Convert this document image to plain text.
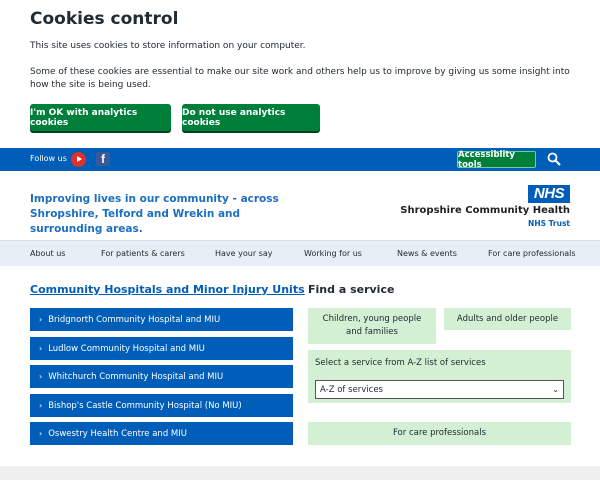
Cookies control
This site uses cookies to store information on your computer.
Some of these cookies are essential to make our site work and others help us to improve by giving us some insight into how the site is being used.
I'm OK with analytics cookies
Do not use analytics cookies
Follow us	f	Accessiblity tools
Improving lives in our community - across Shropshire, Telford and Wrekin and surrounding areas.
NHS
Shropshire Community Health
NHS Trust
About us	For patients & carers	Have your say	Working for us	News & events	For care professionals
Community Hospitals and Minor Injury Units
› Bridgnorth Community Hospital and MIU
› Ludlow Community Hospital and MIU
› Whitchurch Community Hospital and MIU
› Bishop's Castle Community Hospital (No MIU)
› Oswestry Health Centre and MIU
Find a service
Children, young people and families
Adults and older people
Select a service from A-Z list of services
A-Z of services	⌄
For care professionals
